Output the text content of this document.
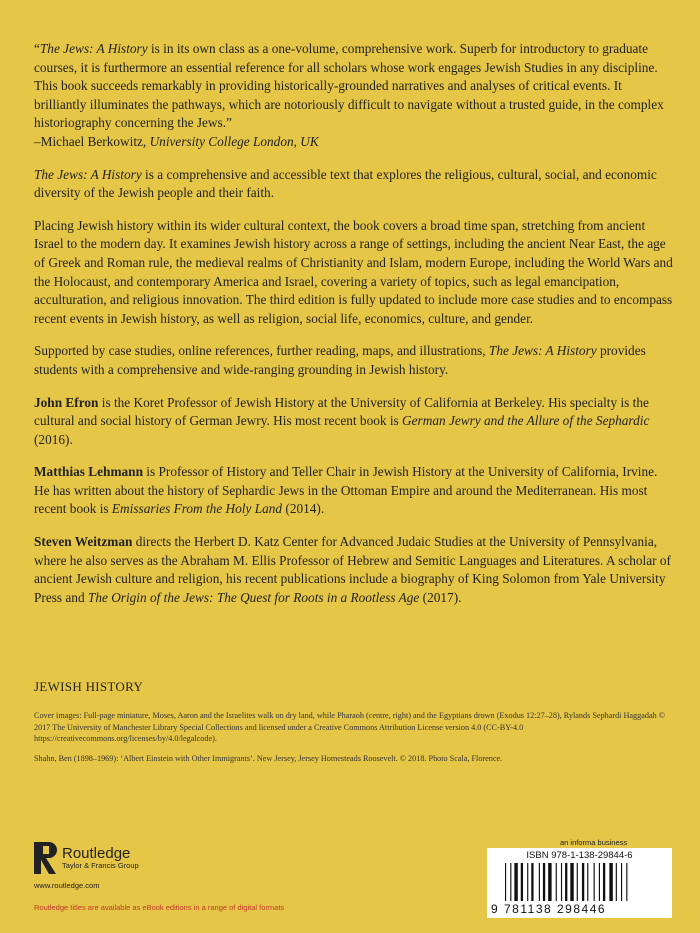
“The Jews: A History is in its own class as a one-volume, comprehensive work. Superb for introductory to graduate courses, it is furthermore an essential reference for all scholars whose work engages Jewish Studies in any discipline. This book succeeds remarkably in providing historically-grounded narratives and analyses of critical events. It brilliantly illuminates the pathways, which are notoriously difficult to navigate without a trusted guide, in the complex historiography concerning the Jews.”
–Michael Berkowitz, University College London, UK

The Jews: A History is a comprehensive and accessible text that explores the religious, cultural, social, and economic diversity of the Jewish people and their faith.

Placing Jewish history within its wider cultural context, the book covers a broad time span, stretching from ancient Israel to the modern day. It examines Jewish history across a range of settings, including the ancient Near East, the age of Greek and Roman rule, the medieval realms of Christianity and Islam, modern Europe, including the World Wars and the Holocaust, and contemporary America and Israel, covering a variety of topics, such as legal emancipation, acculturation, and religious innovation. The third edition is fully updated to include more case studies and to encompass recent events in Jewish history, as well as religion, social life, economics, culture, and gender.

Supported by case studies, online references, further reading, maps, and illustrations, The Jews: A History provides students with a comprehensive and wide-ranging grounding in Jewish history.

John Efron is the Koret Professor of Jewish History at the University of California at Berkeley. His specialty is the cultural and social history of German Jewry. His most recent book is German Jewry and the Allure of the Sephardic (2016).

Matthias Lehmann is Professor of History and Teller Chair in Jewish History at the University of California, Irvine. He has written about the history of Sephardic Jews in the Ottoman Empire and around the Mediterranean. His most recent book is Emissaries From the Holy Land (2014).

Steven Weitzman directs the Herbert D. Katz Center for Advanced Judaic Studies at the University of Pennsylvania, where he also serves as the Abraham M. Ellis Professor of Hebrew and Semitic Languages and Literatures. A scholar of ancient Jewish culture and religion, his recent publications include a biography of King Solomon from Yale University Press and The Origin of the Jews: The Quest for Roots in a Rootless Age (2017).

JEWISH HISTORY

Cover images: Full-page miniature, Moses, Aaron and the Israelites walk on dry land, while Pharaoh (centre, right) and the Egyptians drown (Exodus 12:27–28), Rylands Sephardi Haggadah © 2017 The University of Manchester Library Special Collections and licensed under a Creative Commons Attribution License version 4.0 (CC-BY-4.0 https://creativecommons.org/licenses/by/4.0/legalcode).

Shahn, Ben (1898–1969): ‘Albert Einstein with Other Immigrants’. New Jersey, Jersey Homesteads Roosevelt. © 2018. Photo Scala, Florence.

Routledge
Taylor & Francis Group
www.routledge.com
Routledge titles are available as eBook editions in a range of digital formats
an informa business
ISBN 978-1-138-29844-6
9 781138 298446
